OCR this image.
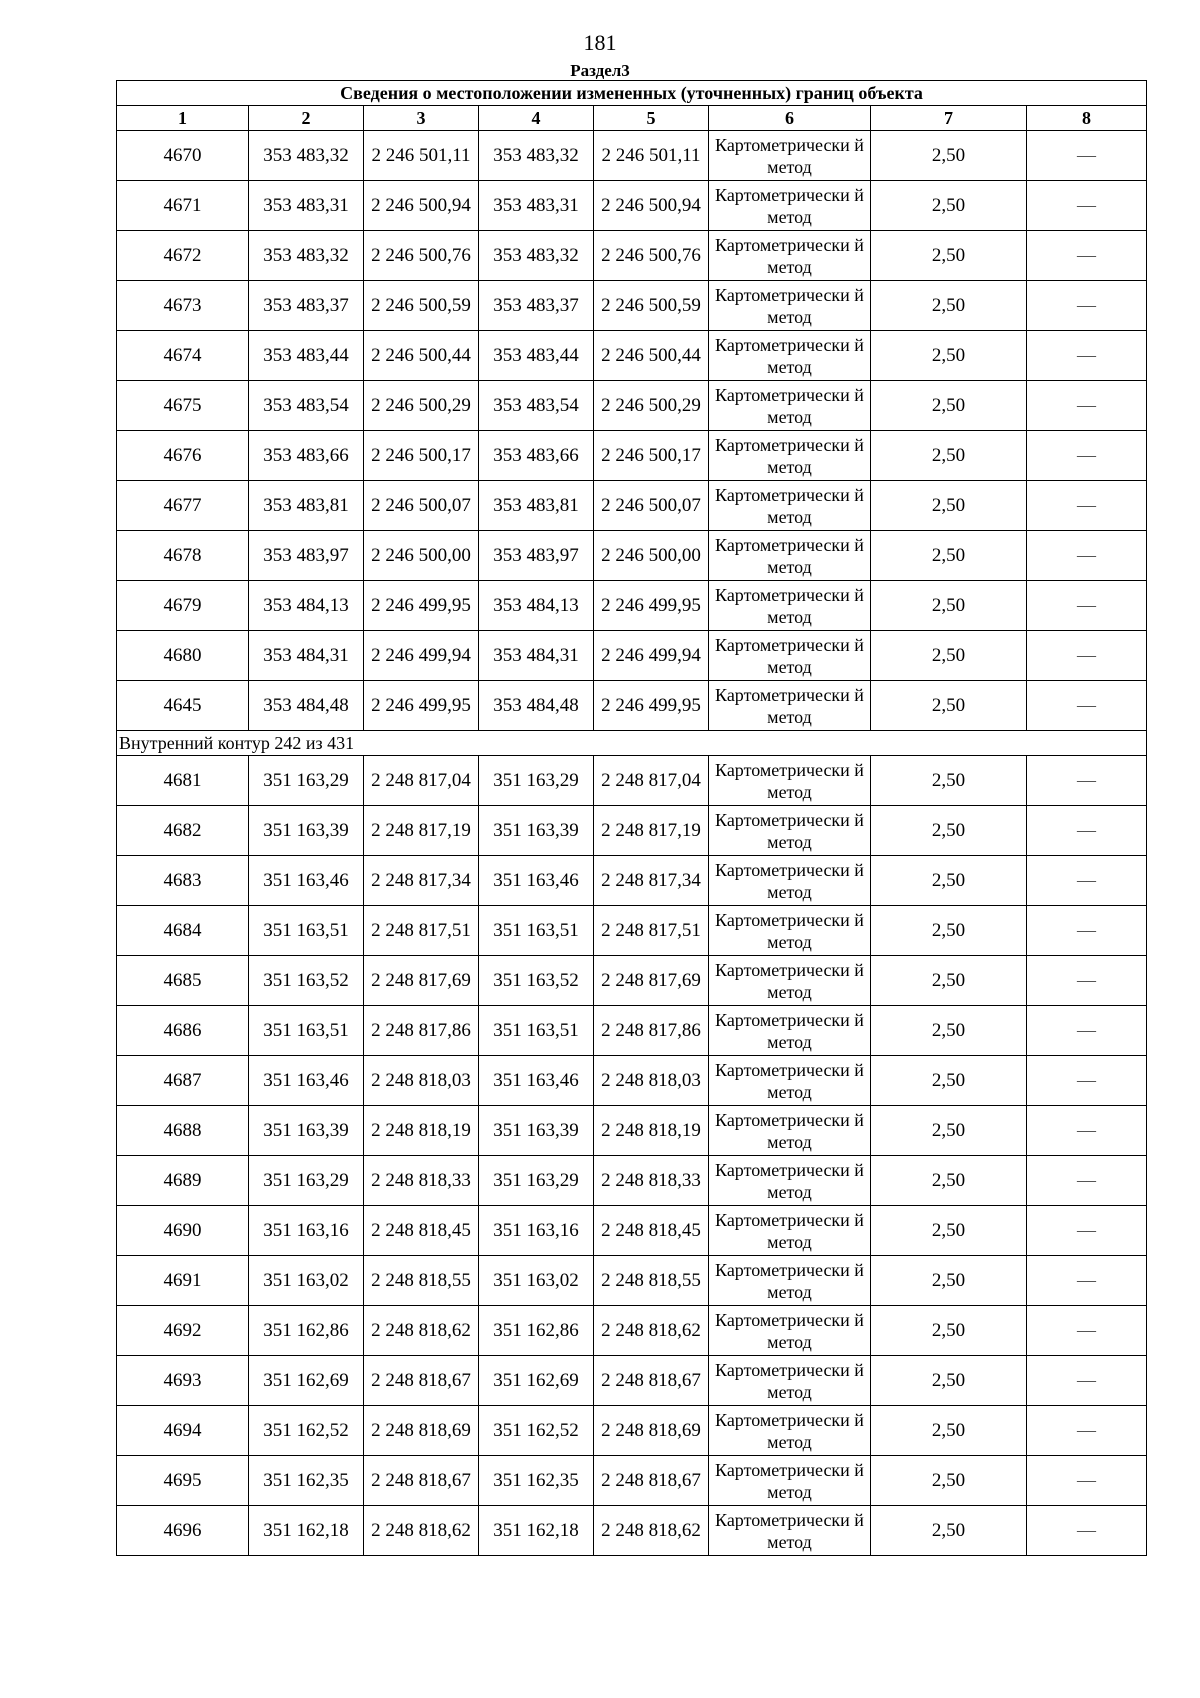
181
Раздел3
Сведения о местоположении измененных (уточненных) границ объекта							
1	2	3	4	5	6	7	8
4670	353 483,32	2 246 501,11	353 483,32	2 246 501,11	Картометрически й метод	2,50	—
4671	353 483,31	2 246 500,94	353 483,31	2 246 500,94	Картометрически й метод	2,50	—
4672	353 483,32	2 246 500,76	353 483,32	2 246 500,76	Картометрически й метод	2,50	—
4673	353 483,37	2 246 500,59	353 483,37	2 246 500,59	Картометрически й метод	2,50	—
4674	353 483,44	2 246 500,44	353 483,44	2 246 500,44	Картометрически й метод	2,50	—
4675	353 483,54	2 246 500,29	353 483,54	2 246 500,29	Картометрически й метод	2,50	—
4676	353 483,66	2 246 500,17	353 483,66	2 246 500,17	Картометрически й метод	2,50	—
4677	353 483,81	2 246 500,07	353 483,81	2 246 500,07	Картометрически й метод	2,50	—
4678	353 483,97	2 246 500,00	353 483,97	2 246 500,00	Картометрически й метод	2,50	—
4679	353 484,13	2 246 499,95	353 484,13	2 246 499,95	Картометрически й метод	2,50	—
4680	353 484,31	2 246 499,94	353 484,31	2 246 499,94	Картометрически й метод	2,50	—
4645	353 484,48	2 246 499,95	353 484,48	2 246 499,95	Картометрически й метод	2,50	—
Внутренний контур 242 из 431							
4681	351 163,29	2 248 817,04	351 163,29	2 248 817,04	Картометрически й метод	2,50	—
4682	351 163,39	2 248 817,19	351 163,39	2 248 817,19	Картометрически й метод	2,50	—
4683	351 163,46	2 248 817,34	351 163,46	2 248 817,34	Картометрически й метод	2,50	—
4684	351 163,51	2 248 817,51	351 163,51	2 248 817,51	Картометрически й метод	2,50	—
4685	351 163,52	2 248 817,69	351 163,52	2 248 817,69	Картометрически й метод	2,50	—
4686	351 163,51	2 248 817,86	351 163,51	2 248 817,86	Картометрически й метод	2,50	—
4687	351 163,46	2 248 818,03	351 163,46	2 248 818,03	Картометрически й метод	2,50	—
4688	351 163,39	2 248 818,19	351 163,39	2 248 818,19	Картометрически й метод	2,50	—
4689	351 163,29	2 248 818,33	351 163,29	2 248 818,33	Картометрически й метод	2,50	—
4690	351 163,16	2 248 818,45	351 163,16	2 248 818,45	Картометрически й метод	2,50	—
4691	351 163,02	2 248 818,55	351 163,02	2 248 818,55	Картометрически й метод	2,50	—
4692	351 162,86	2 248 818,62	351 162,86	2 248 818,62	Картометрически й метод	2,50	—
4693	351 162,69	2 248 818,67	351 162,69	2 248 818,67	Картометрически й метод	2,50	—
4694	351 162,52	2 248 818,69	351 162,52	2 248 818,69	Картометрически й метод	2,50	—
4695	351 162,35	2 248 818,67	351 162,35	2 248 818,67	Картометрически й метод	2,50	—
4696	351 162,18	2 248 818,62	351 162,18	2 248 818,62	Картометрически й метод	2,50	—
